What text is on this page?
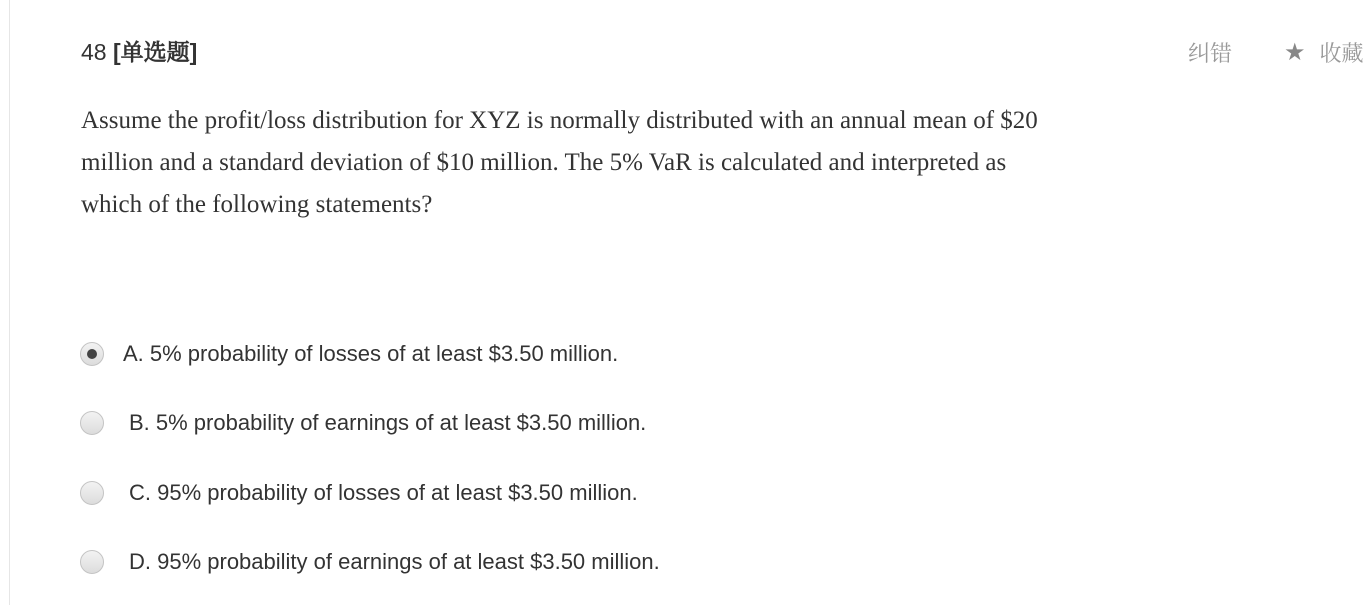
48 [单选题]	纠错 ★ 收藏
Assume the profit/loss distribution for XYZ is normally distributed with an annual mean of $20 million and a standard deviation of $10 million. The 5% VaR is calculated and interpreted as which of the following statements?
A. 5% probability of losses of at least $3.50 million.
B. 5% probability of earnings of at least $3.50 million.
C. 95% probability of losses of at least $3.50 million.
D. 95% probability of earnings of at least $3.50 million.
